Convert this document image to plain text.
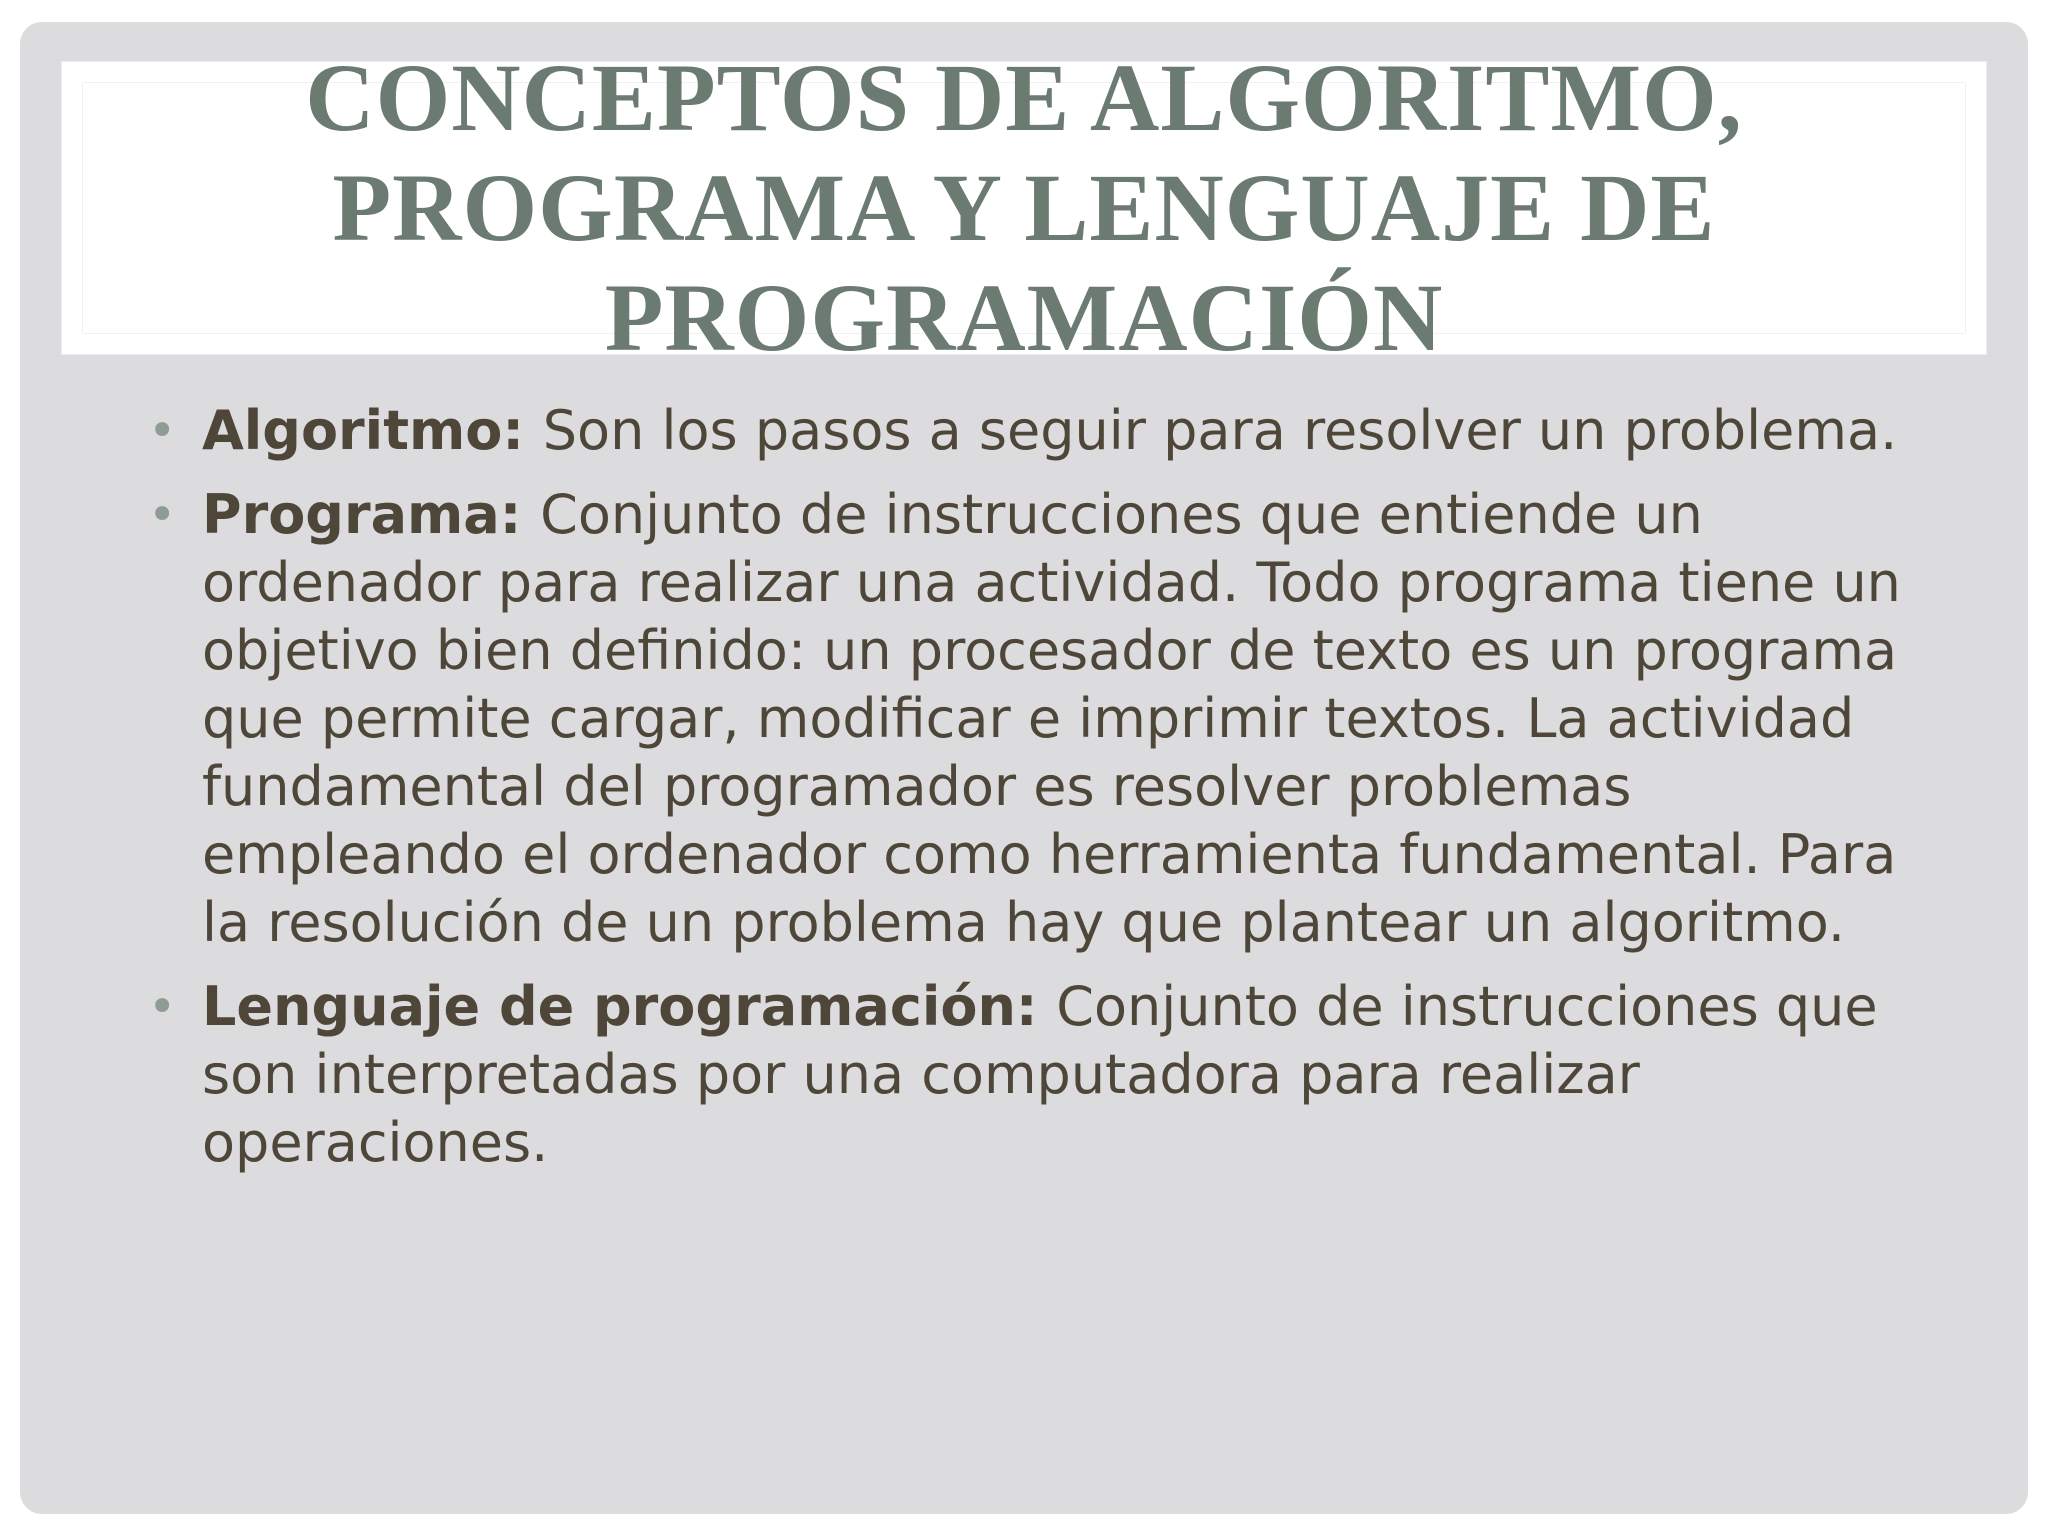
CONCEPTOS DE ALGORITMO, PROGRAMA Y LENGUAJE DE PROGRAMACIÓN
• Algoritmo: Son los pasos a seguir para resolver un problema.
• Programa: Conjunto de instrucciones que entiende un ordenador para realizar una actividad. Todo programa tiene un objetivo bien definido: un procesador de texto es un programa que permite cargar, modificar e imprimir textos. La actividad fundamental del programador es resolver problemas empleando el ordenador como herramienta fundamental. Para la resolución de un problema hay que plantear un algoritmo.
• Lenguaje de programación: Conjunto de instrucciones que son interpretadas por una computadora para realizar operaciones.
